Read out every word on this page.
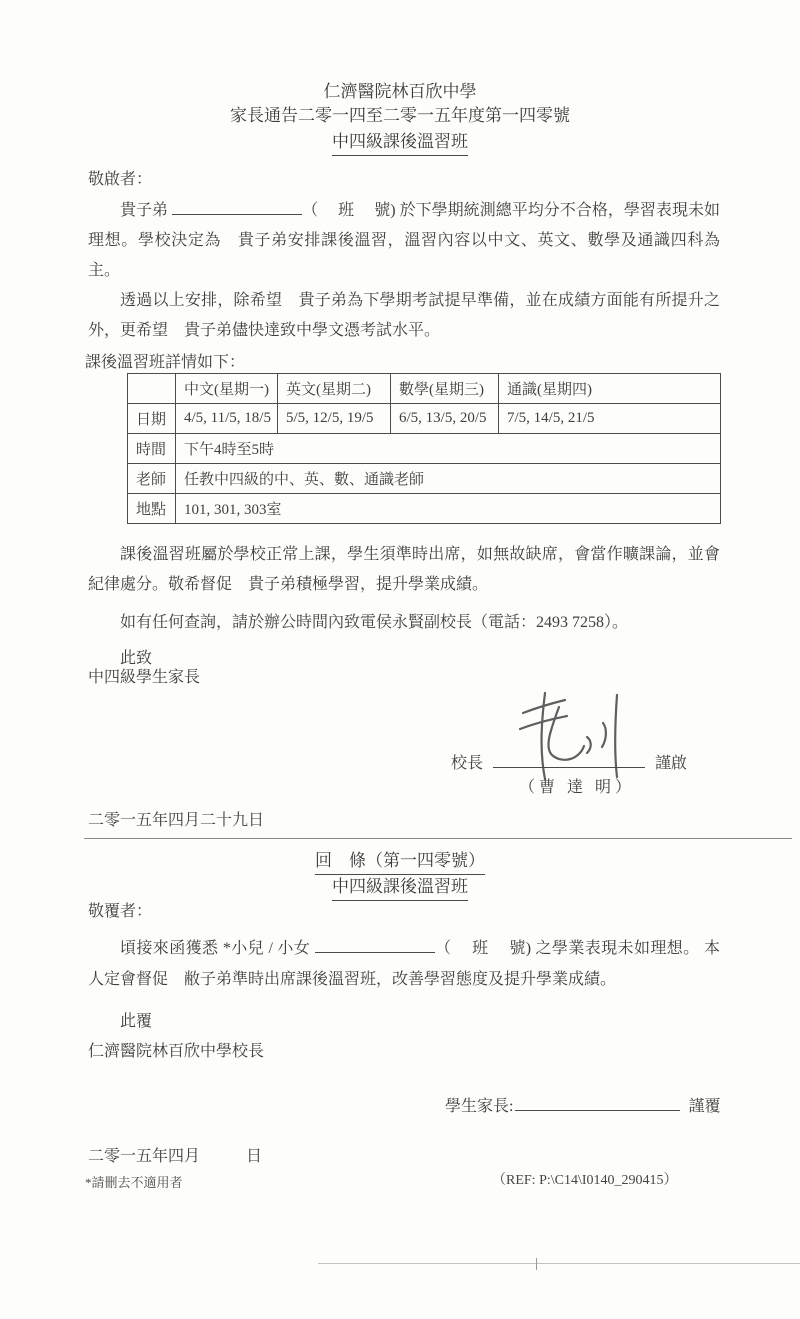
仁濟醫院林百欣中學
家長通告二零一四至二零一五年度第一四零號
中四級課後溫習班
敬啟者：

貴子弟	（　 班　 號) 於下學期統測總平均分不合格，學習表現未如理想。學校決定為　貴子弟安排課後溫習，溫習內容以中文、英文、數學及通識四科為主。

透過以上安排，除希望　貴子弟為下學期考試提早準備，並在成績方面能有所提升之外，更希望　貴子弟儘快達致中學文憑考試水平。

課後溫習班詳情如下：
	中文(星期一)	英文(星期二)	數學(星期三)	通識(星期四)
日期	4/5, 11/5, 18/5	5/5, 12/5, 19/5	6/5, 13/5, 20/5	7/5, 14/5, 21/5
時間	下午4時至5時			
老師	任教中四級的中、英、數、通識老師			
地點	101, 301, 303室			

課後溫習班屬於學校正常上課，學生須準時出席，如無故缺席，會當作曠課論，並會紀律處分。敬希督促　貴子弟積極學習，提升學業成績。

如有任何查詢，請於辦公時間內致電侯永賢副校長（電話：2493 7258）。

此致
中四級學生家長
校長	謹啟
（曹 達 明）
二零一五年四月二十九日
回　條（第一四零號）
中四級課後溫習班
敬覆者：

頃接來函獲悉 *小兒 / 小女	（　 班　 號) 之學業表現未如理想。 本人定會督促　敝子弟準時出席課後溫習班，改善學習態度及提升學業成績。

此覆
仁濟醫院林百欣中學校長
學生家長:	謹覆
二零一五年四月	日
*請刪去不適用者	（REF: P:\C14\I0140_290415）
